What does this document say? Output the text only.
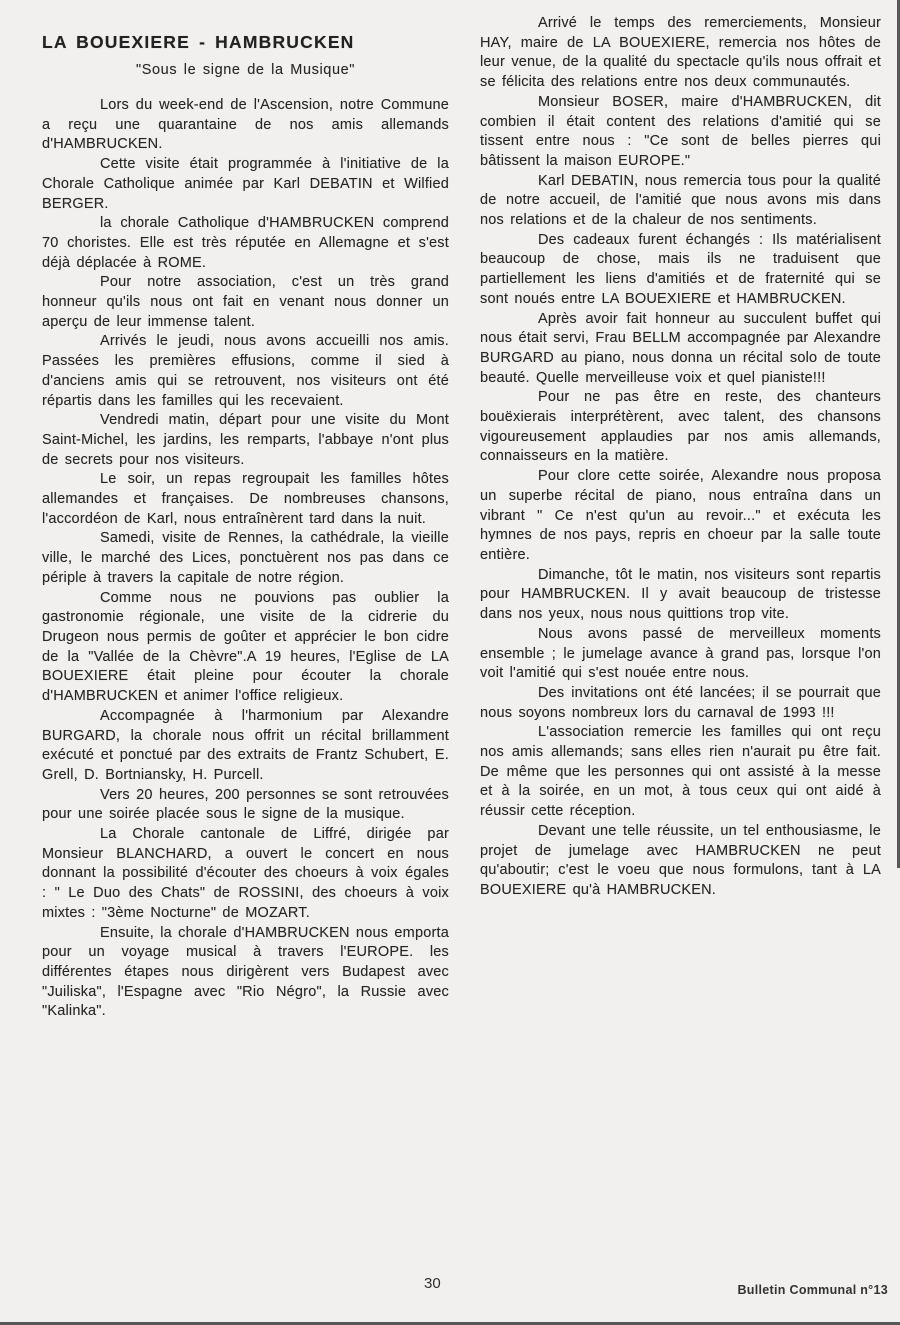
LA BOUEXIERE - HAMBRUCKEN
"Sous le signe de la Musique"

Lors du week-end de l'Ascension, notre Commune a reçu une quarantaine de nos amis allemands d'HAMBRUCKEN.

Cette visite était programmée à l'initiative de la Chorale Catholique animée par Karl DEBATIN et Wilfied BERGER.

la chorale Catholique d'HAMBRUCKEN comprend 70 choristes. Elle est très réputée en Allemagne et s'est déjà déplacée à ROME.

Pour notre association, c'est un très grand honneur qu'ils nous ont fait en venant nous donner un aperçu de leur immense talent.

Arrivés le jeudi, nous avons accueilli nos amis. Passées les premières effusions, comme il sied à d'anciens amis qui se retrouvent, nos visiteurs ont été répartis dans les familles qui les recevaient.

Vendredi matin, départ pour une visite du Mont Saint-Michel, les jardins, les remparts, l'abbaye n'ont plus de secrets pour nos visiteurs.

Le soir, un repas regroupait les familles hôtes allemandes et françaises. De nombreuses chansons, l'accordéon de Karl, nous entraînèrent tard dans la nuit.

Samedi, visite de Rennes, la cathédrale, la vieille ville, le marché des Lices, ponctuèrent nos pas dans ce périple à travers la capitale de notre région.

Comme nous ne pouvions pas oublier la gastronomie régionale, une visite de la cidrerie du Drugeon nous permis de goûter et apprécier le bon cidre de la "Vallée de la Chèvre".A 19 heures, l'Eglise de LA BOUEXIERE était pleine pour écouter la chorale d'HAMBRUCKEN et animer l'office religieux.

Accompagnée à l'harmonium par Alexandre BURGARD, la chorale nous offrit un récital brillamment exécuté et ponctué par des extraits de Frantz Schubert, E. Grell, D. Bortniansky, H. Purcell.

Vers 20 heures, 200 personnes se sont retrouvées pour une soirée placée sous le signe de la musique.

La Chorale cantonale de Liffré, dirigée par Monsieur BLANCHARD, a ouvert le concert en nous donnant la possibilité d'écouter des choeurs à voix égales : " Le Duo des Chats" de ROSSINI, des choeurs à voix mixtes : "3ème Nocturne" de MOZART.

Ensuite, la chorale d'HAMBRUCKEN nous emporta pour un voyage musical à travers l'EUROPE. les différentes étapes nous dirigèrent vers Budapest avec "Juiliska", l'Espagne avec "Rio Négro", la Russie avec "Kalinka".

Arrivé le temps des remerciements, Monsieur HAY, maire de LA BOUEXIERE, remercia nos hôtes de leur venue, de la qualité du spectacle qu'ils nous offrait et se félicita des relations entre nos deux communautés.

Monsieur BOSER, maire d'HAMBRUCKEN, dit combien il était content des relations d'amitié qui se tissent entre nous : "Ce sont de belles pierres qui bâtissent la maison EUROPE."

Karl DEBATIN, nous remercia tous pour la qualité de notre accueil, de l'amitié que nous avons mis dans nos relations et de la chaleur de nos sentiments.

Des cadeaux furent échangés : Ils matérialisent beaucoup de chose, mais ils ne traduisent que partiellement les liens d'amitiés et de fraternité qui se sont noués entre LA BOUEXIERE et HAMBRUCKEN.

Après avoir fait honneur au succulent buffet qui nous était servi, Frau BELLM accompagnée par Alexandre BURGARD au piano, nous donna un récital solo de toute beauté. Quelle merveilleuse voix et quel pianiste!!!

Pour ne pas être en reste, des chanteurs bouëxierais interprétèrent, avec talent, des chansons vigoureusement applaudies par nos amis allemands, connaisseurs en la matière.

Pour clore cette soirée, Alexandre nous proposa un superbe récital de piano, nous entraîna dans un vibrant " Ce n'est qu'un au revoir..." et exécuta les hymnes de nos pays, repris en choeur par la salle toute entière.

Dimanche, tôt le matin, nos visiteurs sont repartis pour HAMBRUCKEN. Il y avait beaucoup de tristesse dans nos yeux, nous nous quittions trop vite.

Nous avons passé de merveilleux moments ensemble ; le jumelage avance à grand pas, lorsque l'on voit l'amitié qui s'est nouée entre nous.

Des invitations ont été lancées; il se pourrait que nous soyons nombreux lors du carnaval de 1993 !!!

L'association remercie les familles qui ont reçu nos amis allemands; sans elles rien n'aurait pu être fait. De même que les personnes qui ont assisté à la messe et à la soirée, en un mot, à tous ceux qui ont aidé à réussir cette réception.

Devant une telle réussite, un tel enthousiasme, le projet de jumelage avec HAMBRUCKEN ne peut qu'aboutir; c'est le voeu que nous formulons, tant à LA BOUEXIERE qu'à HAMBRUCKEN.

30	Bulletin Communal n°13
